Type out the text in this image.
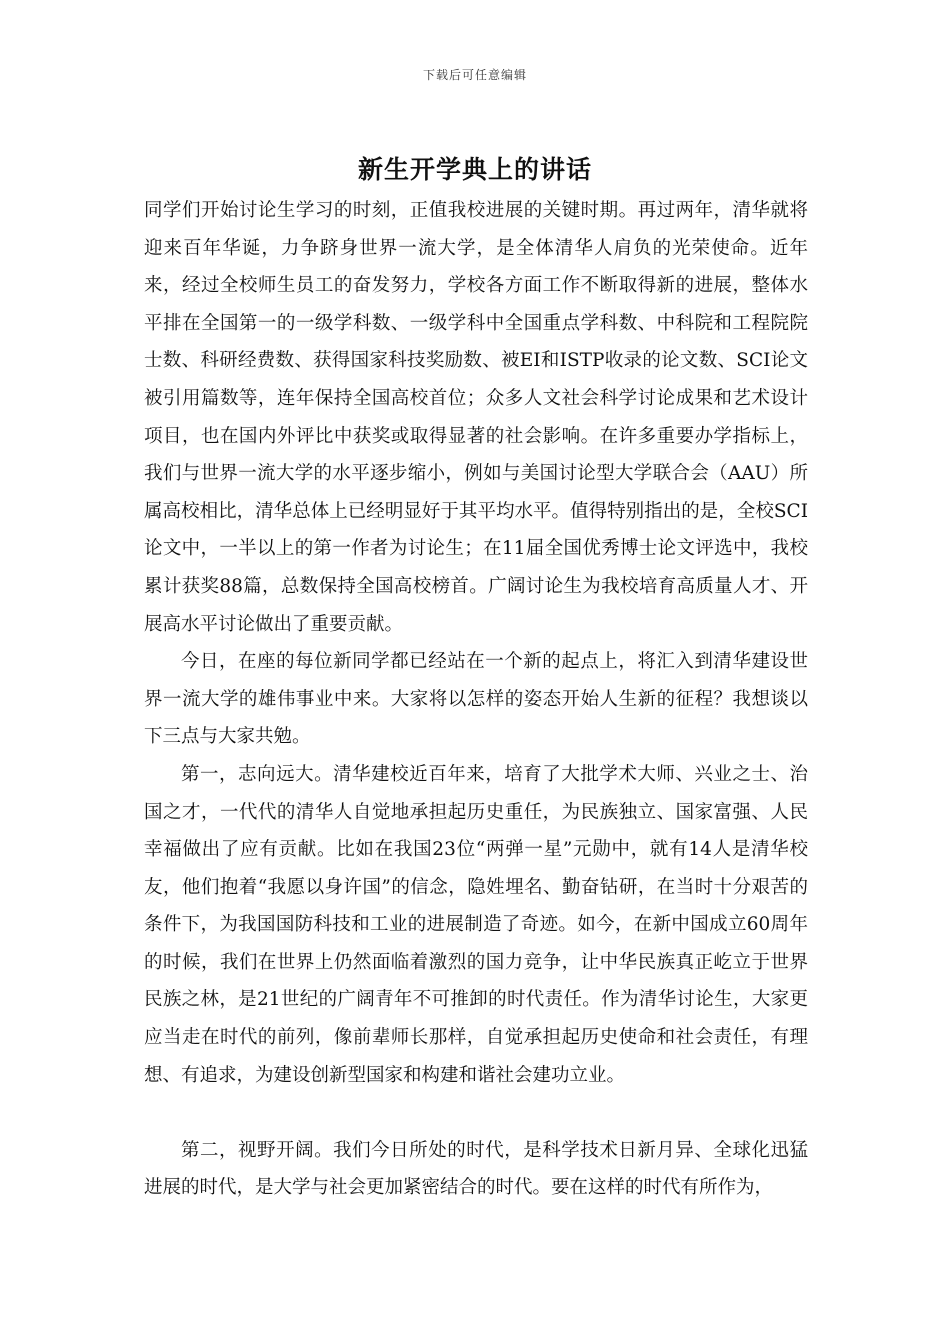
下载后可任意编辑
新生开学典上的讲话

同学们开始讨论生学习的时刻，正值我校进展的关键时期。再过两年，清华就将迎来百年华诞，力争跻身世界一流大学，是全体清华人肩负的光荣使命。近年来，经过全校师生员工的奋发努力，学校各方面工作不断取得新的进展，整体水平排在全国第一的一级学科数、一级学科中全国重点学科数、中科院和工程院院士数、科研经费数、获得国家科技奖励数、被EI和ISTP收录的论文数、SCI论文被引用篇数等，连年保持全国高校首位；众多人文社会科学讨论成果和艺术设计项目，也在国内外评比中获奖或取得显著的社会影响。在许多重要办学指标上，我们与世界一流大学的水平逐步缩小，例如与美国讨论型大学联合会（AAU）所属高校相比，清华总体上已经明显好于其平均水平。值得特别指出的是，全校SCI论文中，一半以上的第一作者为讨论生；在11届全国优秀博士论文评选中，我校累计获奖88篇，总数保持全国高校榜首。广阔讨论生为我校培育高质量人才、开展高水平讨论做出了重要贡献。

今日，在座的每位新同学都已经站在一个新的起点上，将汇入到清华建设世界一流大学的雄伟事业中来。大家将以怎样的姿态开始人生新的征程？我想谈以下三点与大家共勉。

第一，志向远大。清华建校近百年来，培育了大批学术大师、兴业之士、治国之才，一代代的清华人自觉地承担起历史重任，为民族独立、国家富强、人民幸福做出了应有贡献。比如在我国23位“两弹一星”元勋中，就有14人是清华校友，他们抱着“我愿以身许国”的信念，隐姓埋名、勤奋钻研，在当时十分艰苦的条件下，为我国国防科技和工业的进展制造了奇迹。如今，在新中国成立60周年的时候，我们在世界上仍然面临着激烈的国力竞争，让中华民族真正屹立于世界民族之林，是21世纪的广阔青年不可推卸的时代责任。作为清华讨论生，大家更应当走在时代的前列，像前辈师长那样，自觉承担起历史使命和社会责任，有理想、有追求，为建设创新型国家和构建和谐社会建功立业。

第二，视野开阔。我们今日所处的时代，是科学技术日新月异、全球化迅猛进展的时代，是大学与社会更加紧密结合的时代。要在这样的时代有所作为，
